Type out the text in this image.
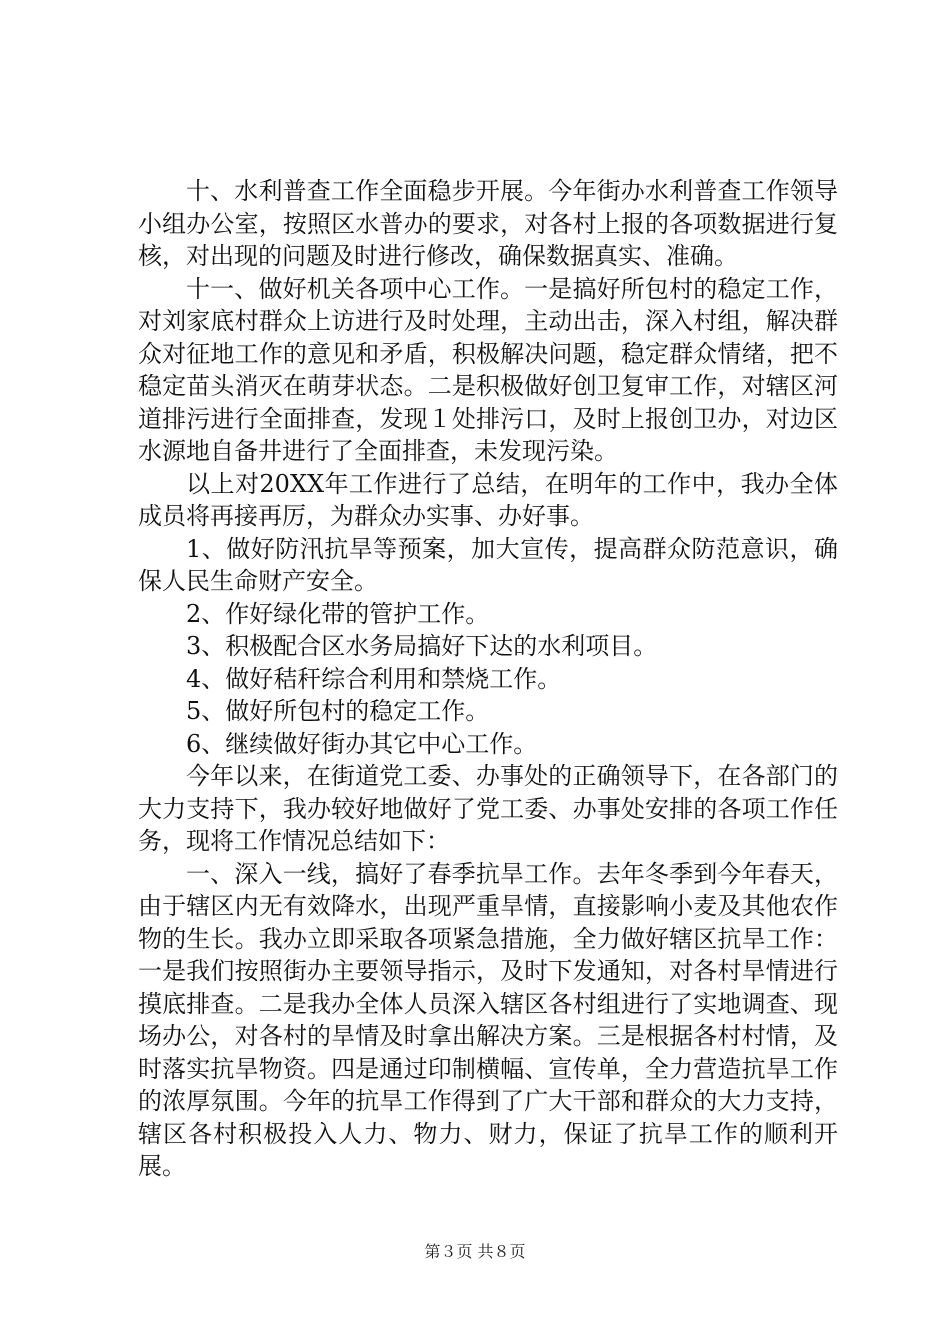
十、水利普查工作全面稳步开展。今年街办水利普查工作领导小组办公室，按照区水普办的要求，对各村上报的各项数据进行复核，对出现的问题及时进行修改，确保数据真实、准确。

十一、做好机关各项中心工作。一是搞好所包村的稳定工作，对刘家底村群众上访进行及时处理，主动出击，深入村组，解决群众对征地工作的意见和矛盾，积极解决问题，稳定群众情绪，把不稳定苗头消灭在萌芽状态。二是积极做好创卫复审工作，对辖区河道排污进行全面排查，发现１处排污口，及时上报创卫办，对边区水源地自备井进行了全面排查，未发现污染。

以上对20XX年工作进行了总结，在明年的工作中，我办全体成员将再接再厉，为群众办实事、办好事。

1、做好防汛抗旱等预案，加大宣传，提高群众防范意识，确保人民生命财产安全。

2、作好绿化带的管护工作。

3、积极配合区水务局搞好下达的水利项目。

4、做好秸秆综合利用和禁烧工作。

5、做好所包村的稳定工作。

6、继续做好街办其它中心工作。

今年以来，在街道党工委、办事处的正确领导下，在各部门的大力支持下，我办较好地做好了党工委、办事处安排的各项工作任务，现将工作情况总结如下：

一、深入一线，搞好了春季抗旱工作。去年冬季到今年春天，由于辖区内无有效降水，出现严重旱情，直接影响小麦及其他农作物的生长。我办立即采取各项紧急措施，全力做好辖区抗旱工作：一是我们按照街办主要领导指示，及时下发通知，对各村旱情进行摸底排查。二是我办全体人员深入辖区各村组进行了实地调查、现场办公，对各村的旱情及时拿出解决方案。三是根据各村村情，及时落实抗旱物资。四是通过印制横幅、宣传单，全力营造抗旱工作的浓厚氛围。今年的抗旱工作得到了广大干部和群众的大力支持，辖区各村积极投入人力、物力、财力，保证了抗旱工作的顺利开展。

第３页 共８页
